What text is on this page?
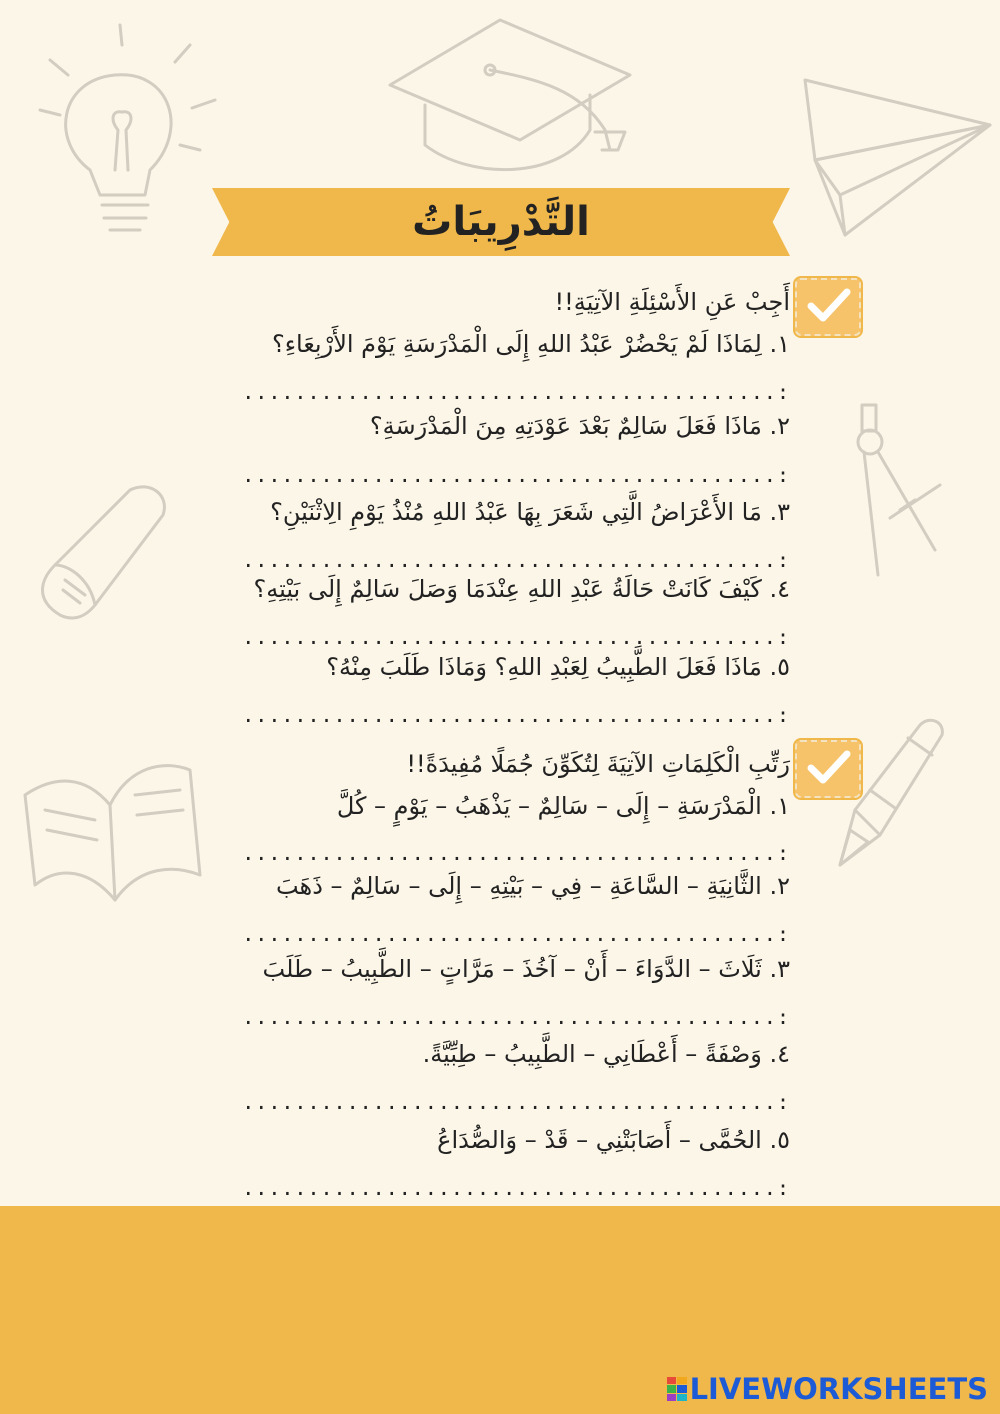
التَّدْرِيبَاتُ
أَجِبْ عَنِ الأَسْئِلَةِ الآتِيَةِ!!
١. لِمَاذَا لَمْ يَحْضُرْ عَبْدُ اللهِ إِلَى الْمَدْرَسَةِ يَوْمَ الأَرْبِعَاءِ؟
:.........................................
٢. مَاذَا فَعَلَ سَالِمٌ بَعْدَ عَوْدَتِهِ مِنَ الْمَدْرَسَةِ؟
:.........................................
٣. مَا الأَعْرَاضُ الَّتِي شَعَرَ بِهَا عَبْدُ اللهِ مُنْذُ يَوْمِ الِاثْنَيْنِ؟
:.........................................
٤. كَيْفَ كَانَتْ حَالَةُ عَبْدِ اللهِ عِنْدَمَا وَصَلَ سَالِمٌ إِلَى بَيْتِهِ؟
:.........................................
٥. مَاذَا فَعَلَ الطَّبِيبُ لِعَبْدِ اللهِ؟ وَمَاذَا طَلَبَ مِنْهُ؟
:.........................................
رَتِّبِ الْكَلِمَاتِ الآتِيَةَ لِتُكَوِّنَ جُمَلًا مُفِيدَةً!!
١. الْمَدْرَسَةِ – إِلَى – سَالِمٌ – يَذْهَبُ – يَوْمٍ – كُلَّ
:.........................................
٢. الثَّانِيَةِ – السَّاعَةِ – فِي – بَيْتِهِ – إِلَى – سَالِمٌ – ذَهَبَ
:.........................................
٣. ثَلَاثَ – الدَّوَاءَ – أَنْ – آخُذَ – مَرَّاتٍ – الطَّبِيبُ – طَلَبَ
:.........................................
٤. وَصْفَةً – أَعْطَانِي – الطَّبِيبُ – طِبِّيَّةً.
:.........................................
٥. الحُمَّى – أَصَابَتْنِي – قَدْ – وَالصُّدَاعُ
:.........................................
LIVEWORKSHEETS
